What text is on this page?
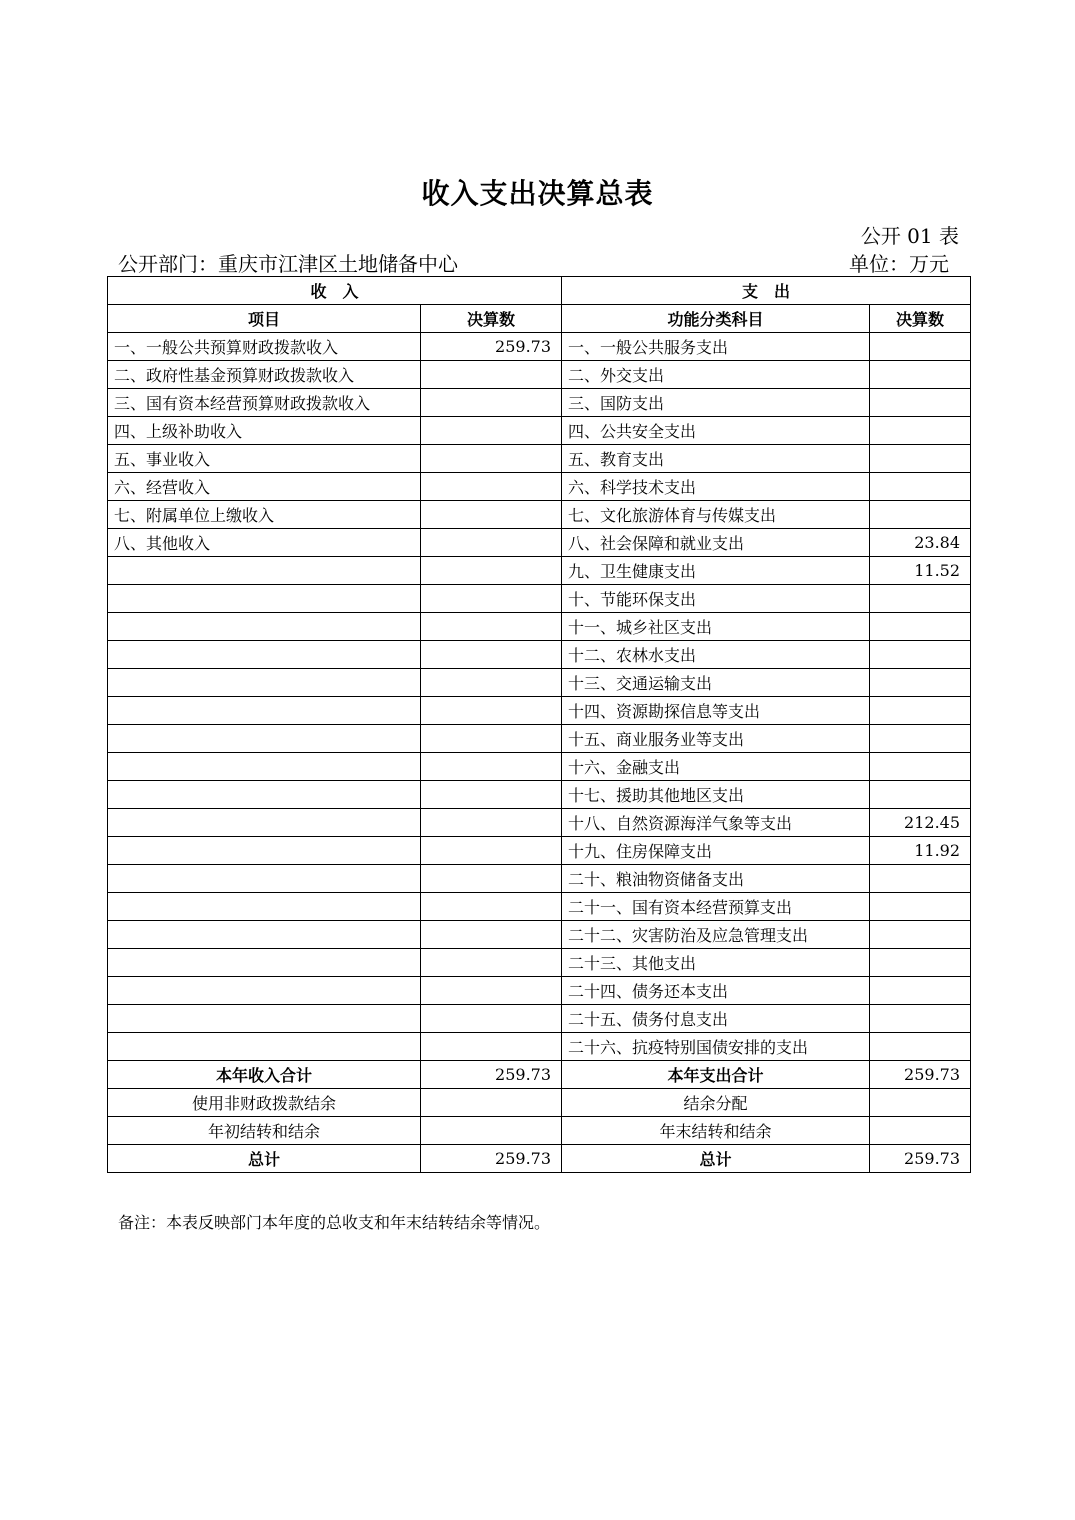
收入支出决算总表
公开 01 表
公开部门：重庆市江津区土地储备中心	单位：万元
收　入		支　出	
项目	决算数	功能分类科目	决算数
一、一般公共预算财政拨款收入	259.73	一、一般公共服务支出	
二、政府性基金预算财政拨款收入		二、外交支出	
三、国有资本经营预算财政拨款收入		三、国防支出	
四、上级补助收入		四、公共安全支出	
五、事业收入		五、教育支出	
六、经营收入		六、科学技术支出	
七、附属单位上缴收入		七、文化旅游体育与传媒支出	
八、其他收入		八、社会保障和就业支出	23.84
		九、卫生健康支出	11.52
		十、节能环保支出	
		十一、城乡社区支出	
		十二、农林水支出	
		十三、交通运输支出	
		十四、资源勘探信息等支出	
		十五、商业服务业等支出	
		十六、金融支出	
		十七、援助其他地区支出	
		十八、自然资源海洋气象等支出	212.45
		十九、住房保障支出	11.92
		二十、粮油物资储备支出	
		二十一、国有资本经营预算支出	
		二十二、灾害防治及应急管理支出	
		二十三、其他支出	
		二十四、债务还本支出	
		二十五、债务付息支出	
		二十六、抗疫特别国债安排的支出	
本年收入合计	259.73	本年支出合计	259.73
使用非财政拨款结余		结余分配	
年初结转和结余		年末结转和结余	
总计	259.73	总计	259.73
备注：本表反映部门本年度的总收支和年末结转结余等情况。
